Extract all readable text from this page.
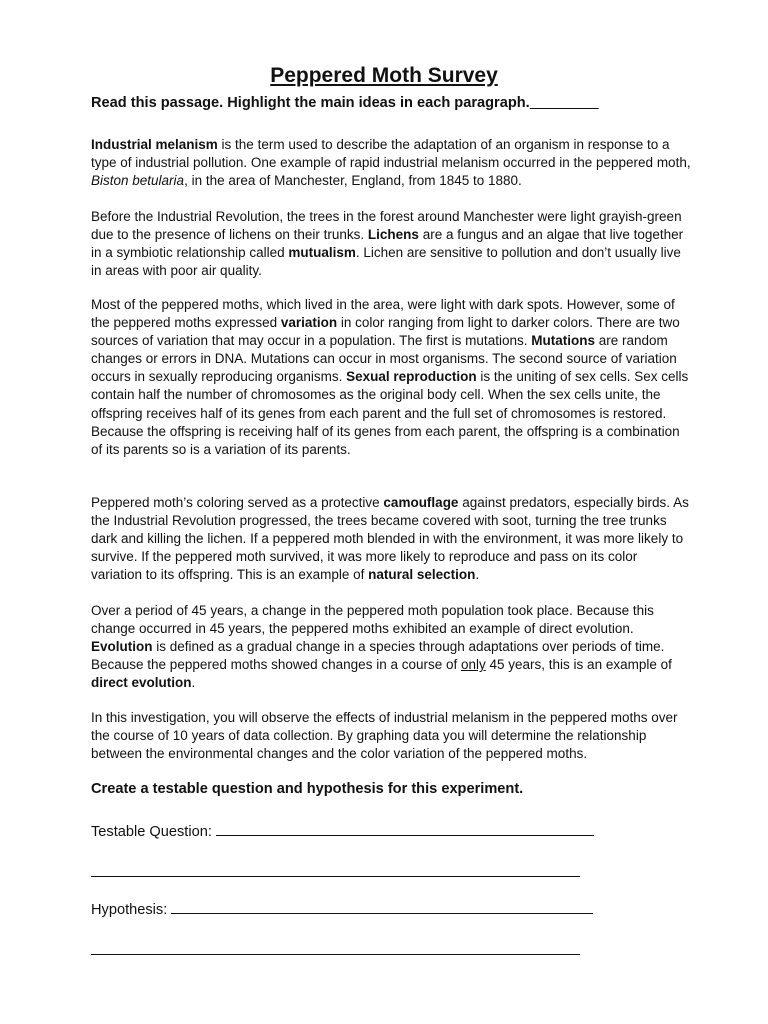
Peppered Moth Survey
Read this passage. Highlight the main ideas in each paragraph.

Industrial melanism is the term used to describe the adaptation of an organism in response to a type of industrial pollution. One example of rapid industrial melanism occurred in the peppered moth, Biston betularia, in the area of Manchester, England, from 1845 to 1880.

Before the Industrial Revolution, the trees in the forest around Manchester were light grayish-green due to the presence of lichens on their trunks. Lichens are a fungus and an algae that live together in a symbiotic relationship called mutualism. Lichen are sensitive to pollution and don’t usually live in areas with poor air quality.

Most of the peppered moths, which lived in the area, were light with dark spots. However, some of the peppered moths expressed variation in color ranging from light to darker colors. There are two sources of variation that may occur in a population. The first is mutations. Mutations are random changes or errors in DNA. Mutations can occur in most organisms. The second source of variation occurs in sexually reproducing organisms. Sexual reproduction is the uniting of sex cells. Sex cells contain half the number of chromosomes as the original body cell. When the sex cells unite, the offspring receives half of its genes from each parent and the full set of chromosomes is restored. Because the offspring is receiving half of its genes from each parent, the offspring is a combination of its parents so is a variation of its parents.

Peppered moth’s coloring served as a protective camouflage against predators, especially birds. As the Industrial Revolution progressed, the trees became covered with soot, turning the tree trunks dark and killing the lichen. If a peppered moth blended in with the environment, it was more likely to survive. If the peppered moth survived, it was more likely to reproduce and pass on its color variation to its offspring. This is an example of natural selection.

Over a period of 45 years, a change in the peppered moth population took place. Because this change occurred in 45 years, the peppered moths exhibited an example of direct evolution. Evolution is defined as a gradual change in a species through adaptations over periods of time. Because the peppered moths showed changes in a course of only 45 years, this is an example of direct evolution.

In this investigation, you will observe the effects of industrial melanism in the peppered moths over the course of 10 years of data collection. By graphing data you will determine the relationship between the environmental changes and the color variation of the peppered moths.

Create a testable question and hypothesis for this experiment.
Testable Question:
Hypothesis:
